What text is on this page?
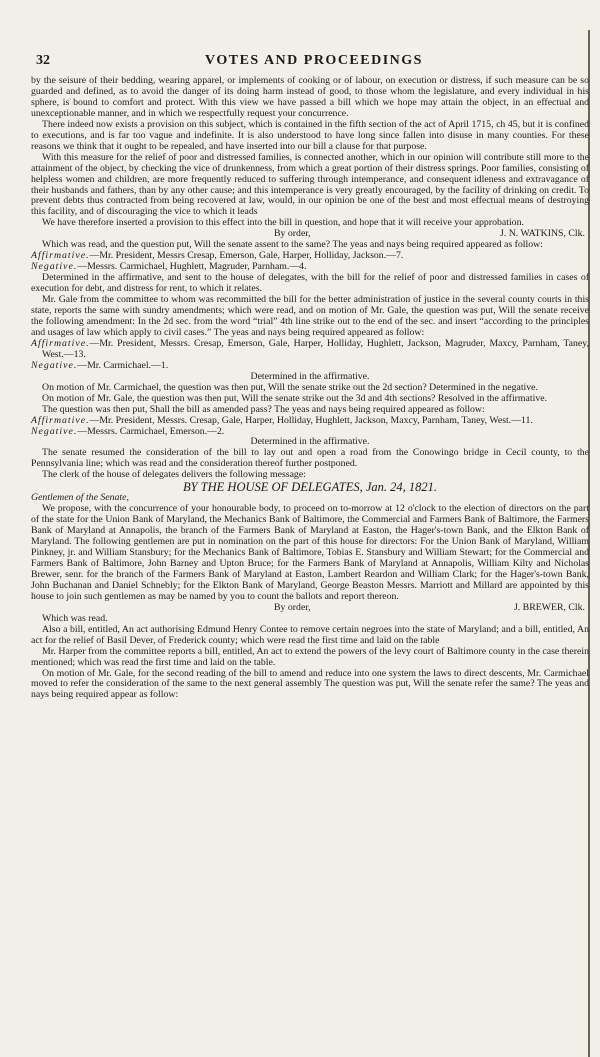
32	VOTES AND PROCEEDINGS

by the seisure of their bedding, wearing apparel, or implements of cooking or of labour, on execution or distress, if such measure can be so guarded and defined, as to avoid the danger of its doing harm instead of good, to those whom the legislature, and every individual in his sphere, is bound to comfort and protect. With this view we have passed a bill which we hope may attain the object, in an effectual and unexceptionable manner, and in which we respectfully request your concurrence.

There indeed now exists a provision on this subject, which is contained in the fifth section of the act of April 1715, ch 45, but it is confined to executions, and is far too vague and indefinite. It is also understood to have long since fallen into disuse in many counties. For these reasons we think that it ought to be repealed, and have inserted into our bill a clause for that purpose.

With this measure for the relief of poor and distressed families, is connected another, which in our opinion will contribute still more to the attainment of the object, by checking the vice of drunkenness, from which a great portion of their distress springs. Poor families, consisting of helpless women and children, are more frequently reduced to suffering through intemperance, and consequent idleness and extravagance of their husbands and fathers, than by any other cause; and this intemperance is very greatly encouraged, by the facility of drinking on credit. To prevent debts thus contracted from being recovered at law, would, in our opinion be one of the best and most effectual means of destroying this facility, and of discouraging the vice to which it leads

We have therefore inserted a provision to this effect into the bill in question, and hope that it will receive your approbation.

By order,	J. N. WATKINS, Clk.

Which was read, and the question put, Will the senate assent to the same? The yeas and nays being required appeared as follow:

Affirmative.—Mr. President, Messrs Cresap, Emerson, Gale, Harper, Holliday, Jackson.—7.

Negative.—Messrs. Carmichael, Hughlett, Magruder, Parnham.—4.

Determined in the affirmative, and sent to the house of delegates, with the bill for the relief of poor and distressed families in cases of execution for debt, and distress for rent, to which it relates.

Mr. Gale from the committee to whom was recommitted the bill for the better administration of justice in the several county courts in this state, reports the same with sundry amendments; which were read, and on motion of Mr. Gale, the question was put, Will the senate receive the following amendment: In the 2d sec. from the word “trial” 4th line strike out to the end of the sec. and insert “according to the principles and usages of law which apply to civil cases.” The yeas and nays being required appeared as follow:

Affirmative.—Mr. President, Messrs. Cresap, Emerson, Gale, Harper, Holliday, Hughlett, Jackson, Magruder, Maxcy, Parnham, Taney, West.—13.

Negative.—Mr. Carmichael.—1.

Determined in the affirmative.

On motion of Mr. Carmichael, the question was then put, Will the senate strike out the 2d section? Determined in the negative.

On motion of Mr. Gale, the question was then put, Will the senate strike out the 3d and 4th sections? Resolved in the affirmative.

The question was then put, Shall the bill as amended pass? The yeas and nays being required appeared as follow:

Affirmative.—Mr. President, Messrs. Cresap, Gale, Harper, Holliday, Hughlett, Jackson, Maxcy, Parnham, Taney, West.—11.

Negative.—Messrs. Carmichael, Emerson.—2.

Determined in the affirmative.

The senate resumed the consideration of the bill to lay out and open a road from the Conowingo bridge in Cecil county, to the Pennsylvania line; which was read and the consideration thereof further postponed.

The clerk of the house of delegates delivers the following message:

BY THE HOUSE OF DELEGATES, Jan. 24, 1821.

Gentlemen of the Senate,

We propose, with the concurrence of your honourable body, to proceed on to-morrow at 12 o'clock to the election of directors on the part of the state for the Union Bank of Maryland, the Mechanics Bank of Baltimore, the Commercial and Farmers Bank of Baltimore, the Farmers Bank of Maryland at Annapolis, the branch of the Farmers Bank of Maryland at Easton, the Hager's-town Bank, and the Elkton Bank of Maryland. The following gentlemen are put in nomination on the part of this house for directors: For the Union Bank of Maryland, William Pinkney, jr. and William Stansbury; for the Mechanics Bank of Baltimore, Tobias E. Stansbury and William Stewart; for the Commercial and Farmers Bank of Baltimore, John Barney and Upton Bruce; for the Farmers Bank of Maryland at Annapolis, William Kilty and Nicholas Brewer, senr. for the branch of the Farmers Bank of Maryland at Easton, Lambert Reardon and William Clark; for the Hager's-town Bank, John Buchanan and Daniel Schnebly; for the Elkton Bank of Maryland, George Beaston Messrs. Marriott and Millard are appointed by this house to join such gentlemen as may be named by you to count the ballots and report thereon.

By order,	J. BREWER, Clk.

Which was read.

Also a bill, entitled, An act authorising Edmund Henry Contee to remove certain negroes into the state of Maryland; and a bill, entitled, An act for the relief of Basil Dever, of Frederick county; which were read the first time and laid on the table

Mr. Harper from the committee reports a bill, entitled, An act to extend the powers of the levy court of Baltimore county in the case therein mentioned; which was read the first time and laid on the table.

On motion of Mr. Gale, for the second reading of the bill to amend and reduce into one system the laws to direct descents, Mr. Carmichael moved to refer the consideration of the same to the next general assembly The question was put, Will the senate refer the same? The yeas and nays being required appear as follow:
